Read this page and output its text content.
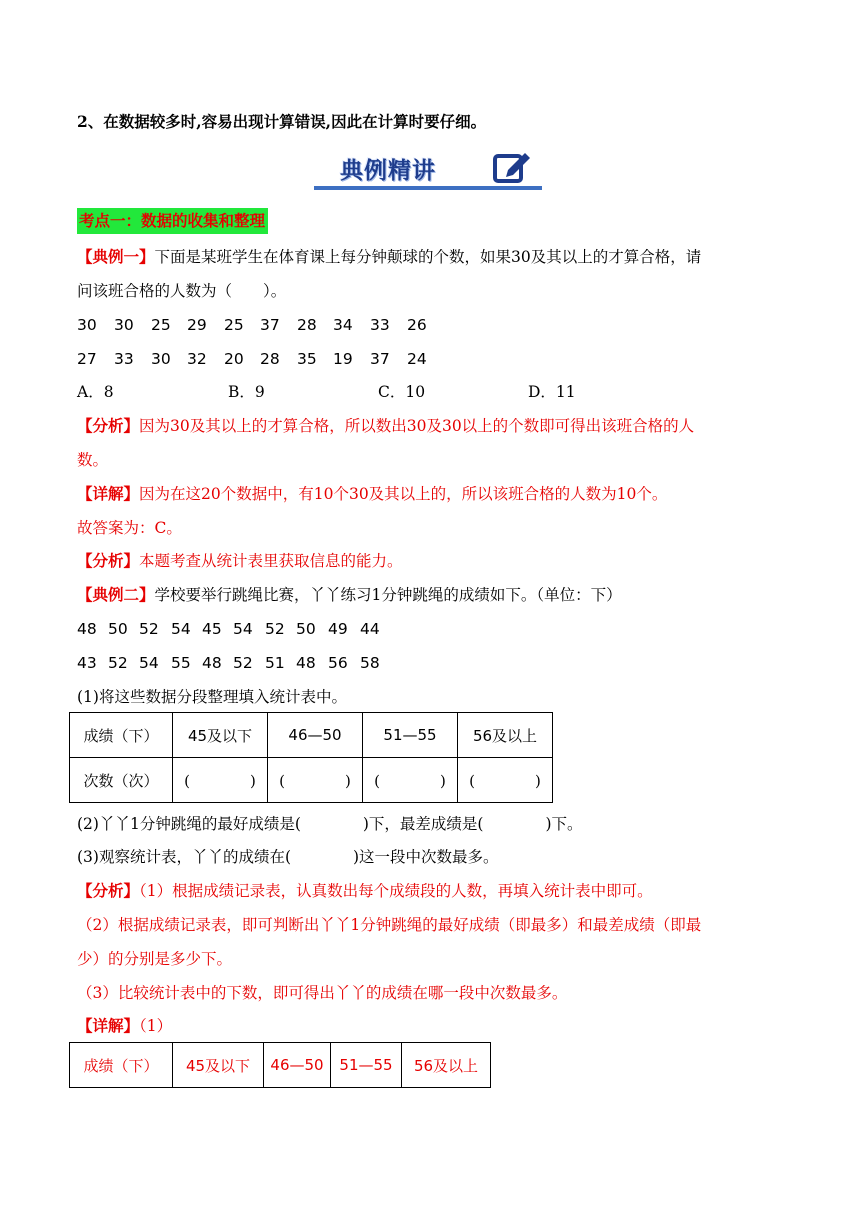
2、在数据较多时,容易出现计算错误,因此在计算时要仔细。
典例精讲
考点一：数据的收集和整理
【典例一】下面是某班学生在体育课上每分钟颠球的个数，如果30及其以上的才算合格，请
问该班合格的人数为（　　）。
30 30 25 29 25 37 28 34 33 26
27 33 30 32 20 28 35 19 37 24
A．8	B．9	C．10	D．11
【分析】因为30及其以上的才算合格，所以数出30及30以上的个数即可得出该班合格的人
数。
【详解】因为在这20个数据中，有10个30及其以上的，所以该班合格的人数为10个。
故答案为：C。
【分析】本题考查从统计表里获取信息的能力。
【典例二】学校要举行跳绳比赛，丫丫练习1分钟跳绳的成绩如下。（单位：下）
48 50 52 54 45 54 52 50 49 44
43 52 54 55 48 52 51 48 56 58
(1)将这些数据分段整理填入统计表中。
成绩（下）	45及以下	46—50	51—55	56及以上
次数（次）	(　　　　)	(　　　　)	(　　　　)	(　　　　)
(2)丫丫1分钟跳绳的最好成绩是(　　　　)下，最差成绩是(　　　　)下。
(3)观察统计表，丫丫的成绩在(　　　　)这一段中次数最多。
【分析】（1）根据成绩记录表，认真数出每个成绩段的人数，再填入统计表中即可。
（2）根据成绩记录表，即可判断出丫丫1分钟跳绳的最好成绩（即最多）和最差成绩（即最
少）的分别是多少下。
（3）比较统计表中的下数，即可得出丫丫的成绩在哪一段中次数最多。
【详解】（1）
成绩（下）	45及以下	46—50	51—55	56及以上
